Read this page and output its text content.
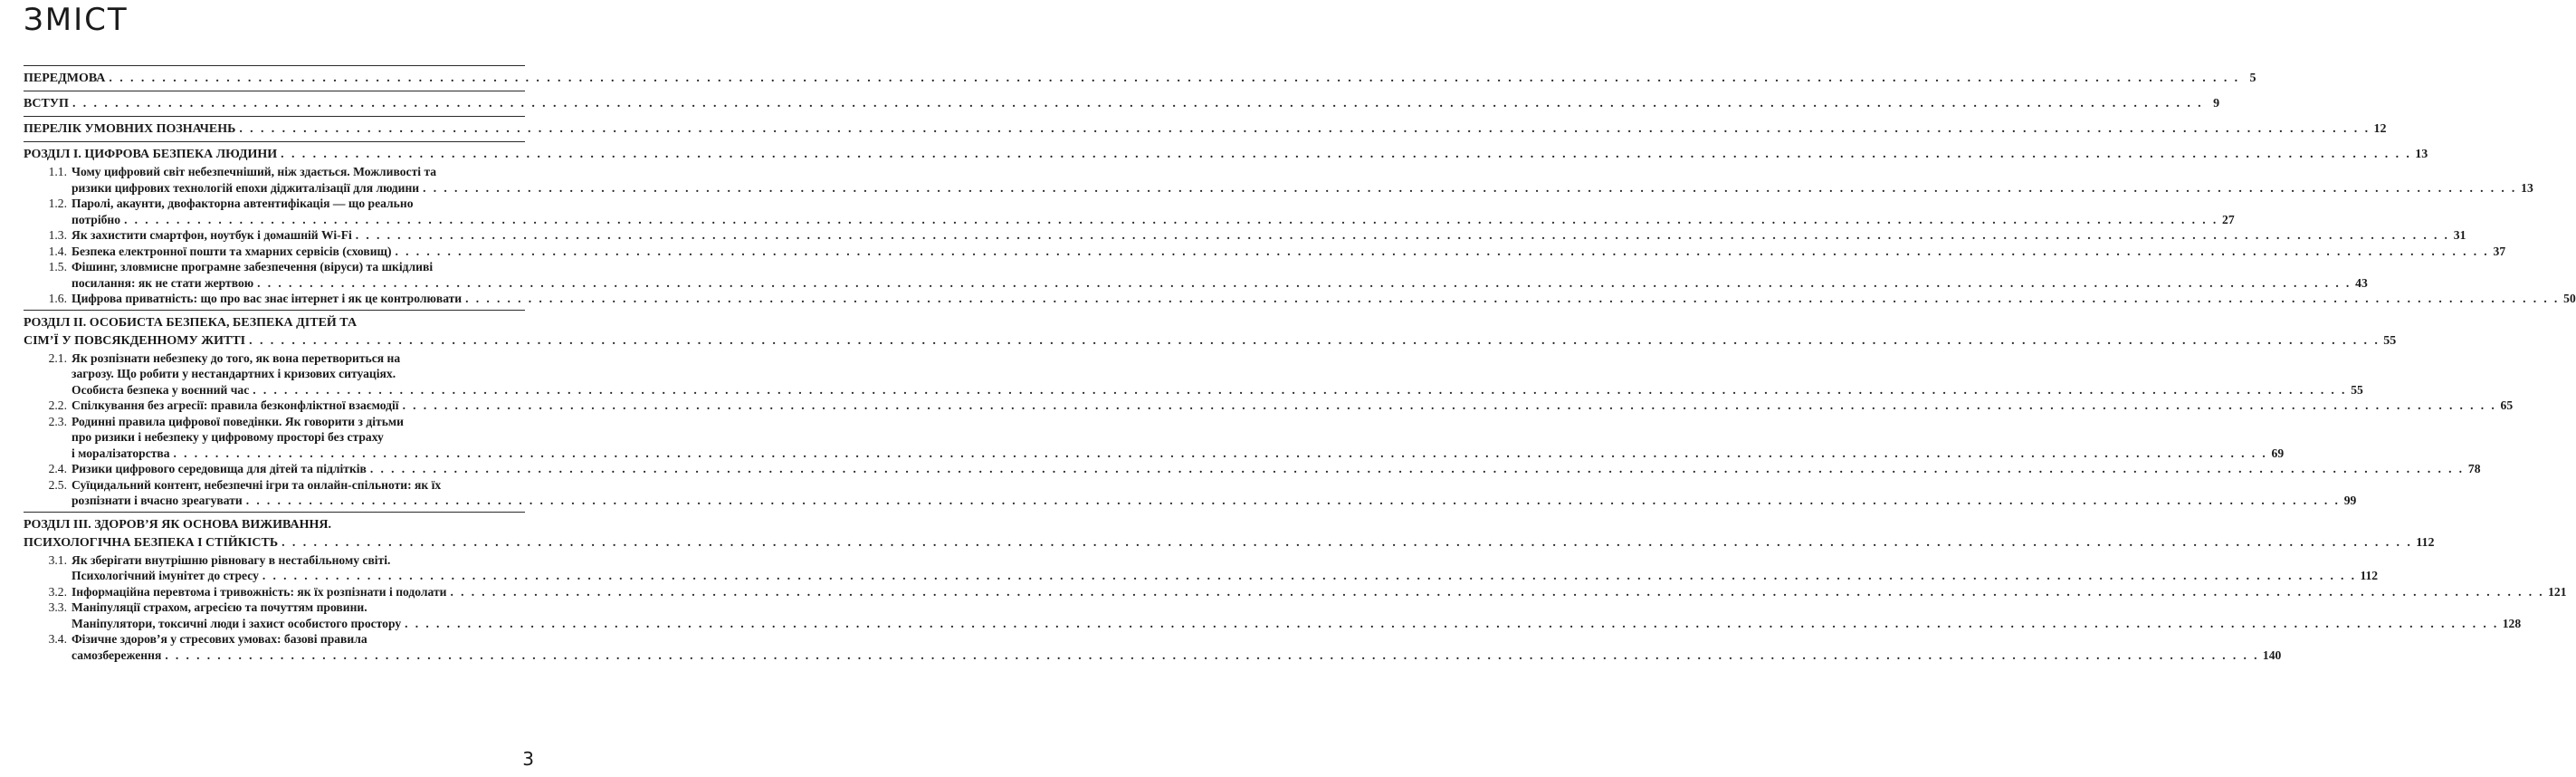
ЗМІСТ
ПЕРЕДМОВА . . . . . . . . . . . . . . . . . . . . . . . . . . . . . . . . . . . . . . . . . . . . . . . . . . . . . . . . . . . . . . . . . . . . . . . . . . . . . . . . . . . . . . . . . . . . . . . . . . . . . . . . . . . . . . . . . . . . . . . . . . . . . . . . . . . . . . . . . . . . . . . . . . . . . . . . . . . . . . . . . . . . . . . . . . . . . . . . . . . . . . . . . . . . . . . . . . . . . . . . 5
ВСТУП . . . . . . . . . . . . . . . . . . . . . . . . . . . . . . . . . . . . . . . . . . . . . . . . . . . . . . . . . . . . . . . . . . . . . . . . . . . . . . . . . . . . . . . . . . . . . . . . . . . . . . . . . . . . . . . . . . . . . . . . . . . . . . . . . . . . . . . . . . . . . . . . . . . . . . . . . . . . . . . . . . . . . . . . . . . . . . . . . . . . . . . . . . . . . . . . . . . . . . . . 9
ПЕРЕЛІК УМОВНИХ ПОЗНАЧЕНЬ . . . . . . . . . . . . . . . . . . . . . . . . . . . . . . . . . . . . . . . . . . . . . . . . . . . . . . . . . . . . . . . . . . . . . . . . . . . . . . . . . . . . . . . . . . . . . . . . . . . . . . . . . . . . . . . . . . . . . . . . . . . . . . . . . . . . . . . . . . . . . . . . . . . . . . . . . . . . . . . . . . . . . . . . . . . . . . . . . . . . . . . . . . . . . . . . . . . . . . . . 12
РОЗДІЛ І. ЦИФРОВА БЕЗПЕКА ЛЮДИНИ . . . . . . . . . . . . . . . . . . . . . . . . . . . . . . . . . . . . . . . . . . . . . . . . . . . . . . . . . . . . . . . . . . . . . . . . . . . . . . . . . . . . . . . . . . . . . . . . . . . . . . . . . . . . . . . . . . . . . . . . . . . . . . . . . . . . . . . . . . . . . . . . . . . . . . . . . . . . . . . . . . . . . . . . . . . . . . . . . . . . . . . . . . . . . . . . . . . . . . . . 13
1.1. Чому цифровий світ небезпечніший, ніж здається. Можливості та
ризики цифрових технологій епохи діджиталізації для людини . . . . . . . . . . . . . . . . . . . . . . . . . . . . . . . . . . . . . . . . . . . . . . . . . . . . . . . . . . . . . . . . . . . . . . . . . . . . . . . . . . . . . . . . . . . . . . . . . . . . . . . . . . . . . . . . . . . . . . . . . . . . . . . . . . . . . . . . . . . . . . . . . . . . . . . . . . . . . . . . . . . . . . . . . . . . . . . . . . . . . . . . . . . . . . . . . . . . . . . . 13
1.2. Паролі, акаунти, двофакторна автентифікація — що реально
потрібно . . . . . . . . . . . . . . . . . . . . . . . . . . . . . . . . . . . . . . . . . . . . . . . . . . . . . . . . . . . . . . . . . . . . . . . . . . . . . . . . . . . . . . . . . . . . . . . . . . . . . . . . . . . . . . . . . . . . . . . . . . . . . . . . . . . . . . . . . . . . . . . . . . . . . . . . . . . . . . . . . . . . . . . . . . . . . . . . . . . . . . . . . . . . . . . . . . . . . . . . 27
1.3. Як захистити смартфон, ноутбук і домашній Wi-Fi . . . . . . . . . . . . . . . . . . . . . . . . . . . . . . . . . . . . . . . . . . . . . . . . . . . . . . . . . . . . . . . . . . . . . . . . . . . . . . . . . . . . . . . . . . . . . . . . . . . . . . . . . . . . . . . . . . . . . . . . . . . . . . . . . . . . . . . . . . . . . . . . . . . . . . . . . . . . . . . . . . . . . . . . . . . . . . . . . . . . . . . . . . . . . . . . . . . . . . . . 31
1.4. Безпека електронної пошти та хмарних сервісів (сховищ) . . . . . . . . . . . . . . . . . . . . . . . . . . . . . . . . . . . . . . . . . . . . . . . . . . . . . . . . . . . . . . . . . . . . . . . . . . . . . . . . . . . . . . . . . . . . . . . . . . . . . . . . . . . . . . . . . . . . . . . . . . . . . . . . . . . . . . . . . . . . . . . . . . . . . . . . . . . . . . . . . . . . . . . . . . . . . . . . . . . . . . . . . . . . . . . . . . . . . . . . 37
1.5. Фішинг, зловмисне програмне забезпечення (віруси) та шкідливі
посилання: як не стати жертвою . . . . . . . . . . . . . . . . . . . . . . . . . . . . . . . . . . . . . . . . . . . . . . . . . . . . . . . . . . . . . . . . . . . . . . . . . . . . . . . . . . . . . . . . . . . . . . . . . . . . . . . . . . . . . . . . . . . . . . . . . . . . . . . . . . . . . . . . . . . . . . . . . . . . . . . . . . . . . . . . . . . . . . . . . . . . . . . . . . . . . . . . . . . . . . . . . . . . . . . . 43
1.6. Цифрова приватність: що про вас знає інтернет і як це контролювати . . . . . . . . . . . . . . . . . . . . . . . . . . . . . . . . . . . . . . . . . . . . . . . . . . . . . . . . . . . . . . . . . . . . . . . . . . . . . . . . . . . . . . . . . . . . . . . . . . . . . . . . . . . . . . . . . . . . . . . . . . . . . . . . . . . . . . . . . . . . . . . . . . . . . . . . . . . . . . . . . . . . . . . . . . . . . . . . . . . . . . . . . . . . . . . . . . . . . . . . 50
РОЗДІЛ ІІ. ОСОБИСТА БЕЗПЕКА, БЕЗПЕКА ДІТЕЙ ТА
СІМ’Ї У ПОВСЯКДЕННОМУ ЖИТТІ . . . . . . . . . . . . . . . . . . . . . . . . . . . . . . . . . . . . . . . . . . . . . . . . . . . . . . . . . . . . . . . . . . . . . . . . . . . . . . . . . . . . . . . . . . . . . . . . . . . . . . . . . . . . . . . . . . . . . . . . . . . . . . . . . . . . . . . . . . . . . . . . . . . . . . . . . . . . . . . . . . . . . . . . . . . . . . . . . . . . . . . . . . . . . . . . . . . . . . . . 55
2.1. Як розпізнати небезпеку до того, як вона перетвориться на
загрозу. Що робити у нестандартних і кризових ситуаціях.
Особиста безпека у воєнний час . . . . . . . . . . . . . . . . . . . . . . . . . . . . . . . . . . . . . . . . . . . . . . . . . . . . . . . . . . . . . . . . . . . . . . . . . . . . . . . . . . . . . . . . . . . . . . . . . . . . . . . . . . . . . . . . . . . . . . . . . . . . . . . . . . . . . . . . . . . . . . . . . . . . . . . . . . . . . . . . . . . . . . . . . . . . . . . . . . . . . . . . . . . . . . . . . . . . . . . . 55
2.2. Спілкування без агресії: правила безконфліктної взаємодії . . . . . . . . . . . . . . . . . . . . . . . . . . . . . . . . . . . . . . . . . . . . . . . . . . . . . . . . . . . . . . . . . . . . . . . . . . . . . . . . . . . . . . . . . . . . . . . . . . . . . . . . . . . . . . . . . . . . . . . . . . . . . . . . . . . . . . . . . . . . . . . . . . . . . . . . . . . . . . . . . . . . . . . . . . . . . . . . . . . . . . . . . . . . . . . . . . . . . . . . 65
2.3. Родинні правила цифрової поведінки. Як говорити з дітьми
про ризики і небезпеку у цифровому просторі без страху
і моралізаторства . . . . . . . . . . . . . . . . . . . . . . . . . . . . . . . . . . . . . . . . . . . . . . . . . . . . . . . . . . . . . . . . . . . . . . . . . . . . . . . . . . . . . . . . . . . . . . . . . . . . . . . . . . . . . . . . . . . . . . . . . . . . . . . . . . . . . . . . . . . . . . . . . . . . . . . . . . . . . . . . . . . . . . . . . . . . . . . . . . . . . . . . . . . . . . . . . . . . . . . . 69
2.4. Ризики цифрового середовища для дітей та підлітків . . . . . . . . . . . . . . . . . . . . . . . . . . . . . . . . . . . . . . . . . . . . . . . . . . . . . . . . . . . . . . . . . . . . . . . . . . . . . . . . . . . . . . . . . . . . . . . . . . . . . . . . . . . . . . . . . . . . . . . . . . . . . . . . . . . . . . . . . . . . . . . . . . . . . . . . . . . . . . . . . . . . . . . . . . . . . . . . . . . . . . . . . . . . . . . . . . . . . . . . 78
2.5. Суїцидальний контент, небезпечні ігри та онлайн-спільноти: як їх
розпізнати і вчасно зреагувати . . . . . . . . . . . . . . . . . . . . . . . . . . . . . . . . . . . . . . . . . . . . . . . . . . . . . . . . . . . . . . . . . . . . . . . . . . . . . . . . . . . . . . . . . . . . . . . . . . . . . . . . . . . . . . . . . . . . . . . . . . . . . . . . . . . . . . . . . . . . . . . . . . . . . . . . . . . . . . . . . . . . . . . . . . . . . . . . . . . . . . . . . . . . . . . . . . . . . . . . 99
РОЗДІЛ ІІІ. ЗДОРОВ’Я ЯК ОСНОВА ВИЖИВАННЯ.
ПСИХОЛОГІЧНА БЕЗПЕКА І СТІЙКІСТЬ . . . . . . . . . . . . . . . . . . . . . . . . . . . . . . . . . . . . . . . . . . . . . . . . . . . . . . . . . . . . . . . . . . . . . . . . . . . . . . . . . . . . . . . . . . . . . . . . . . . . . . . . . . . . . . . . . . . . . . . . . . . . . . . . . . . . . . . . . . . . . . . . . . . . . . . . . . . . . . . . . . . . . . . . . . . . . . . . . . . . . . . . . . . . . . . . . . . . . . . . 112
3.1. Як зберігати внутрішню рівновагу в нестабільному світі.
Психологічний імунітет до стресу . . . . . . . . . . . . . . . . . . . . . . . . . . . . . . . . . . . . . . . . . . . . . . . . . . . . . . . . . . . . . . . . . . . . . . . . . . . . . . . . . . . . . . . . . . . . . . . . . . . . . . . . . . . . . . . . . . . . . . . . . . . . . . . . . . . . . . . . . . . . . . . . . . . . . . . . . . . . . . . . . . . . . . . . . . . . . . . . . . . . . . . . . . . . . . . . . . . . . . . . 112
3.2. Інформаційна перевтома і тривожність: як їх розпізнати і подолати . . . . . . . . . . . . . . . . . . . . . . . . . . . . . . . . . . . . . . . . . . . . . . . . . . . . . . . . . . . . . . . . . . . . . . . . . . . . . . . . . . . . . . . . . . . . . . . . . . . . . . . . . . . . . . . . . . . . . . . . . . . . . . . . . . . . . . . . . . . . . . . . . . . . . . . . . . . . . . . . . . . . . . . . . . . . . . . . . . . . . . . . . . . . . . . . . . . . . . . . 121
3.3. Маніпуляції страхом, агресією та почуттям провини.
Маніпулятори, токсичні люди і захист особистого простору . . . . . . . . . . . . . . . . . . . . . . . . . . . . . . . . . . . . . . . . . . . . . . . . . . . . . . . . . . . . . . . . . . . . . . . . . . . . . . . . . . . . . . . . . . . . . . . . . . . . . . . . . . . . . . . . . . . . . . . . . . . . . . . . . . . . . . . . . . . . . . . . . . . . . . . . . . . . . . . . . . . . . . . . . . . . . . . . . . . . . . . . . . . . . . . . . . . . . . . . 128
3.4. Фізичне здоров’я у стресових умовах: базові правила
самозбереження . . . . . . . . . . . . . . . . . . . . . . . . . . . . . . . . . . . . . . . . . . . . . . . . . . . . . . . . . . . . . . . . . . . . . . . . . . . . . . . . . . . . . . . . . . . . . . . . . . . . . . . . . . . . . . . . . . . . . . . . . . . . . . . . . . . . . . . . . . . . . . . . . . . . . . . . . . . . . . . . . . . . . . . . . . . . . . . . . . . . . . . . . . . . . . . . . . . . . . . . 140
3
